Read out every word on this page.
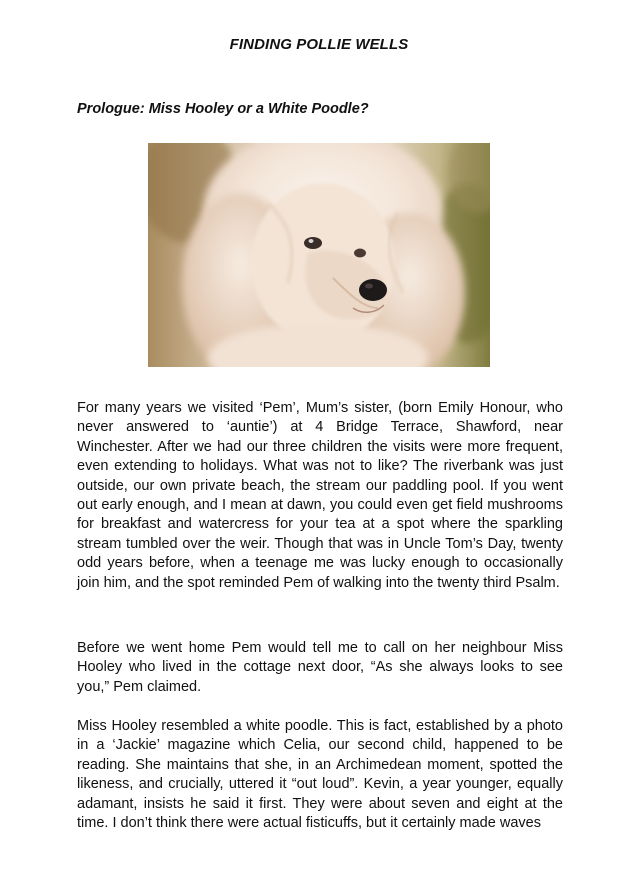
FINDING POLLIE WELLS
Prologue: Miss Hooley or a White Poodle?

For many years we visited ‘Pem’, Mum’s sister, (born Emily Honour, who never answered to ‘auntie’) at 4 Bridge Terrace, Shawford, near Winchester. After we had our three children the visits were more frequent, even extending to holidays. What was not to like? The riverbank was just outside, our own private beach, the stream our paddling pool. If you went out early enough, and I mean at dawn, you could even get field mushrooms for breakfast and watercress for your tea at a spot where the sparkling stream tumbled over the weir. Though that was in Uncle Tom’s Day, twenty odd years before, when a teenage me was lucky enough to occasionally join him, and the spot reminded Pem of walking into the twenty third Psalm.

Before we went home Pem would tell me to call on her neighbour Miss Hooley who lived in the cottage next door, “As she always looks to see you,” Pem claimed.

Miss Hooley resembled a white poodle. This is fact, established by a photo in a ‘Jackie’ magazine which Celia, our second child, happened to be reading. She maintains that she, in an Archimedean moment, spotted the likeness, and crucially, uttered it “out loud”. Kevin, a year younger, equally adamant, insists he said it first. They were about seven and eight at the time. I don’t think there were actual fisticuffs, but it certainly made waves
